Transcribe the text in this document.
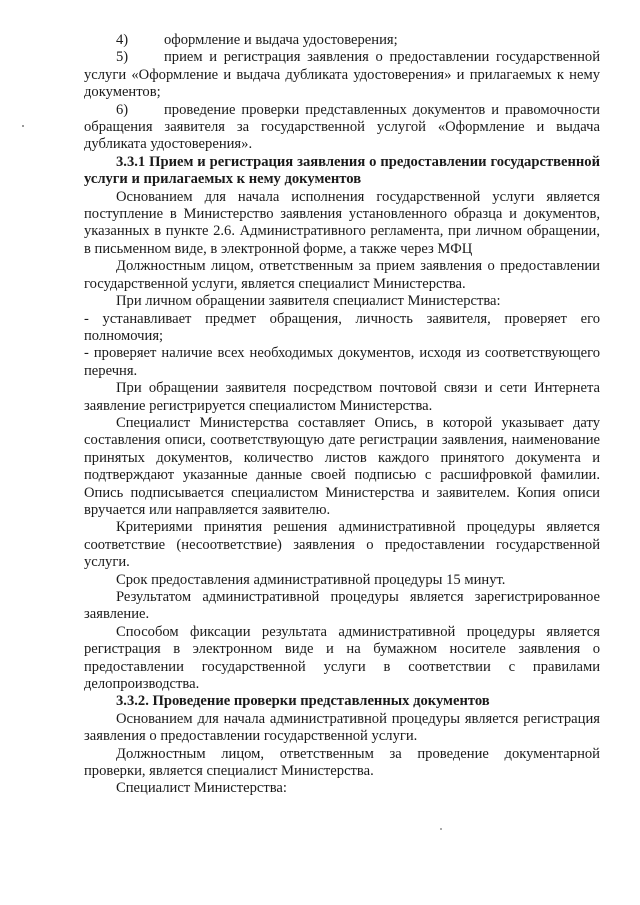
4) оформление и выдача удостоверения;

5) прием и регистрация заявления о предоставлении государственной услуги «Оформление и выдача дубликата удостоверения» и прилагаемых к нему документов;

6) проведение проверки представленных документов и правомочности обращения заявителя за государственной услугой «Оформление и выдача дубликата удостоверения».

3.3.1 Прием и регистрация заявления о предоставлении государственной услуги и прилагаемых к нему документов

Основанием для начала исполнения государственной услуги является поступление в Министерство заявления установленного образца и документов, указанных в пункте 2.6. Административного регламента, при личном обращении, в письменном виде, в электронной форме, а также через МФЦ

Должностным лицом, ответственным за прием заявления о предоставлении государственной услуги, является специалист Министерства.

При личном обращении заявителя специалист Министерства:

- устанавливает предмет обращения, личность заявителя, проверяет его полномочия;

- проверяет наличие всех необходимых документов, исходя из соответствующего перечня.

При обращении заявителя посредством почтовой связи и сети Интернета заявление регистрируется специалистом Министерства.

Специалист Министерства составляет Опись, в которой указывает дату составления описи, соответствующую дате регистрации заявления, наименование принятых документов, количество листов каждого принятого документа и подтверждают указанные данные своей подписью с расшифровкой фамилии. Опись подписывается специалистом Министерства и заявителем. Копия описи вручается или направляется заявителю.

Критериями принятия решения административной процедуры является соответствие (несоответствие) заявления о предоставлении государственной услуги.

Срок предоставления административной процедуры 15 минут.

Результатом административной процедуры является зарегистрированное заявление.

Способом фиксации результата административной процедуры является регистрация в электронном виде и на бумажном носителе заявления о предоставлении государственной услуги в соответствии с правилами делопроизводства.

3.3.2. Проведение проверки представленных документов

Основанием для начала административной процедуры является регистрация заявления о предоставлении государственной услуги.

Должностным лицом, ответственным за проведение документарной проверки, является специалист Министерства.

Специалист Министерства:
